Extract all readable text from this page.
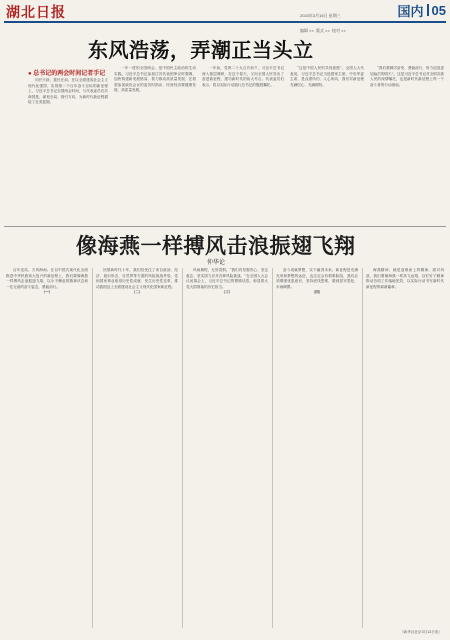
湖北日报

	2023年3月15日 星期三

编辑 ××  版式 ××  校对 ××

国内 05
东风浩荡，弄潮正当头立
● 总书记的两会时间记者手记

向开天辟，重任在肩。在以全面建成社会主义现代化强国、实现第二个百年奋斗目标的新征程上，习近平总书记全国两会时间，与代表委员们共商国是，谋划全局、指引方向，为新时代新征程描绘了壮美蓝图。

一年一度的全国两会，是中国民主政治的生动实践。习近平总书记参加江苏代表团审议时强调，加快构建新发展格局、着力推动高质量发展；在看望参加政协会议的委员时指出，民营经济要健康发展、高质量发展。

一年前，党的二十大召开前夕，习近平总书记深入基层调研，在这个春天，又向全国人民发出了奋进新征程、建功新时代的伟大号召。代表委员们表示，将以实际行动践行总书记的殷殷嘱托。

“这是中国人民的共同意愿”，全国人大代表说，习近平总书记当选国家主席、中央军委主席，是众望所归、人心所向，我们对新征程充满信心、充满期待。

“我们要踔厉奋发、勇毅前行，努力创造更加灿烂的明天”。这是习近平总书记对全国各族人民的深情嘱托，也是新时代新征程上每一个奋斗者的行动指南。

像海燕一样搏风击浪振翅飞翔
仲华论

百年变局，天风海雨。在以中国式现代化全面推进中华民族伟大复兴的新征程上，我们要像海燕一样搏风击浪振翅飞翔，以永不懈怠的精神状态和一往无前的奋斗姿态，勇毅前行。

（一）

回望新时代十年，我们经受住了来自政治、经济、意识形态、自然界等方面的风险挑战考验，党和国家事业取得历史性成就、发生历史性变革，推动我国迈上全面建设社会主义现代化国家新征程。

（二）

风雨兼程，无所畏惧。“我们有坚强决心、坚定意志、坚实国力应对各种风险挑战。”在全国人大会议闭幕会上，习近平总书记的铿锵话语，彰显着大党大国领袖的历史担当。

（三）

奋斗成就梦想，实干赢得未来。新征程是充满光荣和梦想的远征，也注定会有艰难险阻，我们必须增强忧患意识，坚持底线思维，做到居安思危、未雨绸缪。

（四）

海燕精神，就是迎难而上的精神。面对风浪，我们要像海燕一样高飞远翔，以钉钉子精神推动各项工作落地见效，以实际行动书写新时代新征程的崭新篇章。

（新华社北京3月13日电）
